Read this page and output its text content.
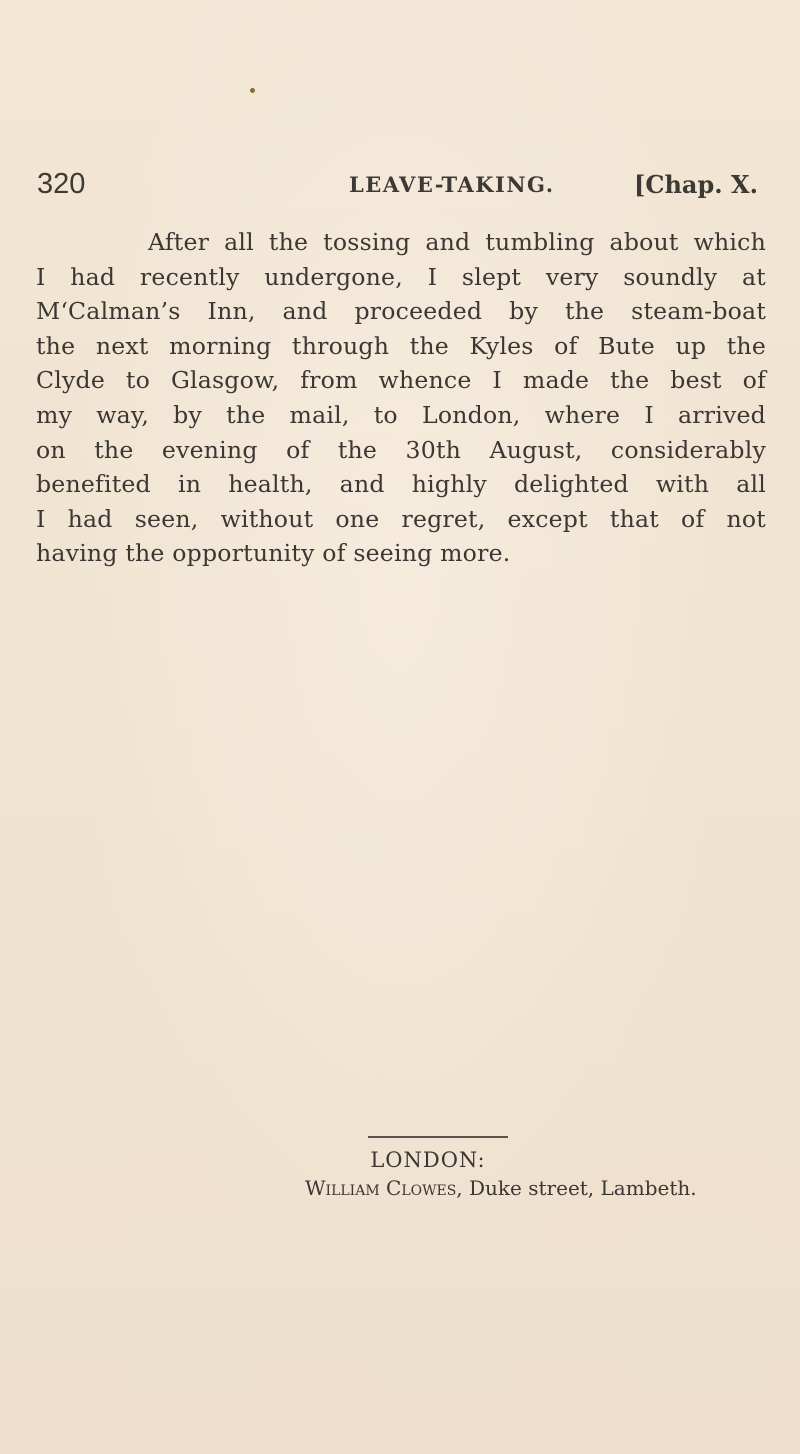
320	LEAVE-TAKING.	[Chap. X.
After all the tossing and tumbling about which
I had recently undergone, I slept very soundly at
M‘Calman’s Inn, and proceeded by the steam-boat
the next morning through the Kyles of Bute up the
Clyde to Glasgow, from whence I made the best of
my way, by the mail, to London, where I arrived
on the evening of the 30th August, considerably
benefited in health, and highly delighted with all
I had seen, without one regret, except that of not
having the opportunity of seeing more.
LONDON:
William Clowes, Duke street, Lambeth.
